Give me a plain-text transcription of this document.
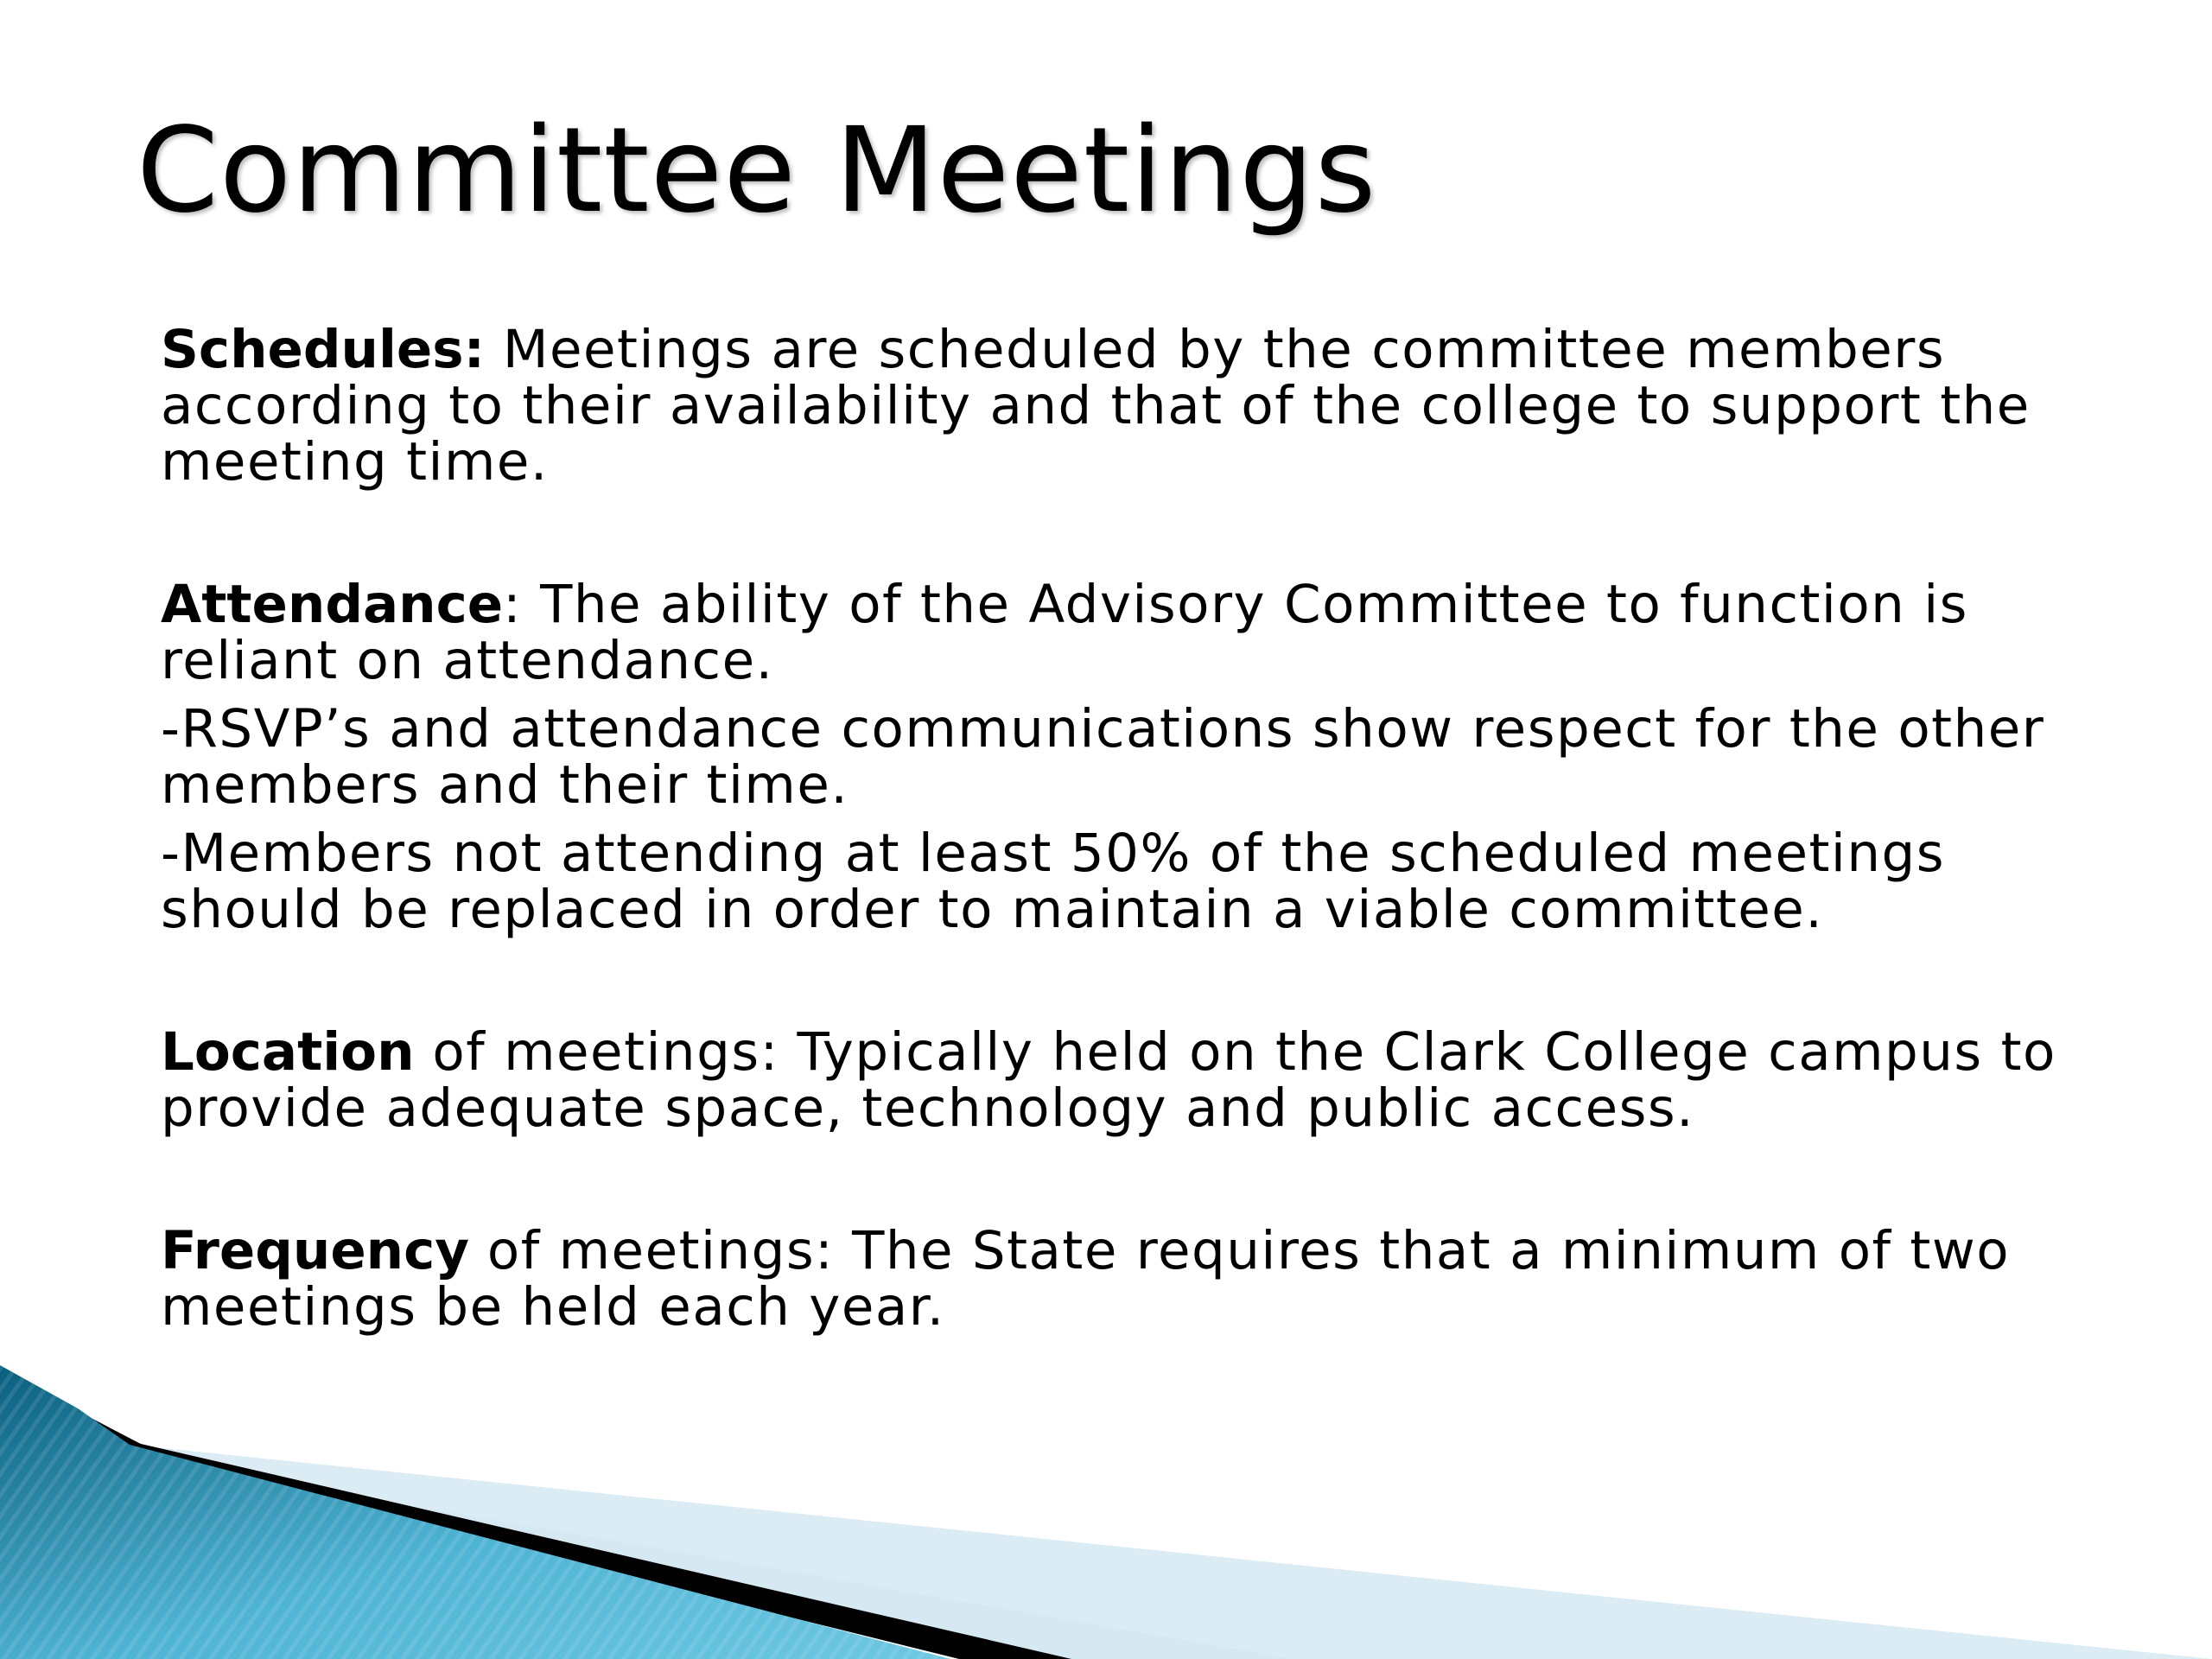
Committee Meetings

Schedules: Meetings are scheduled by the committee members according to their availability and that of the college to support the meeting time.

Attendance: The ability of the Advisory Committee to function is reliant on attendance.

-RSVP’s and attendance communications show respect for the other members and their time.

-Members not attending at least 50% of the scheduled meetings should be replaced in order to maintain a viable committee.

Location of meetings: Typically held on the Clark College campus to provide adequate space, technology and public access.

Frequency of meetings: The State requires that a minimum of two meetings be held each year.
